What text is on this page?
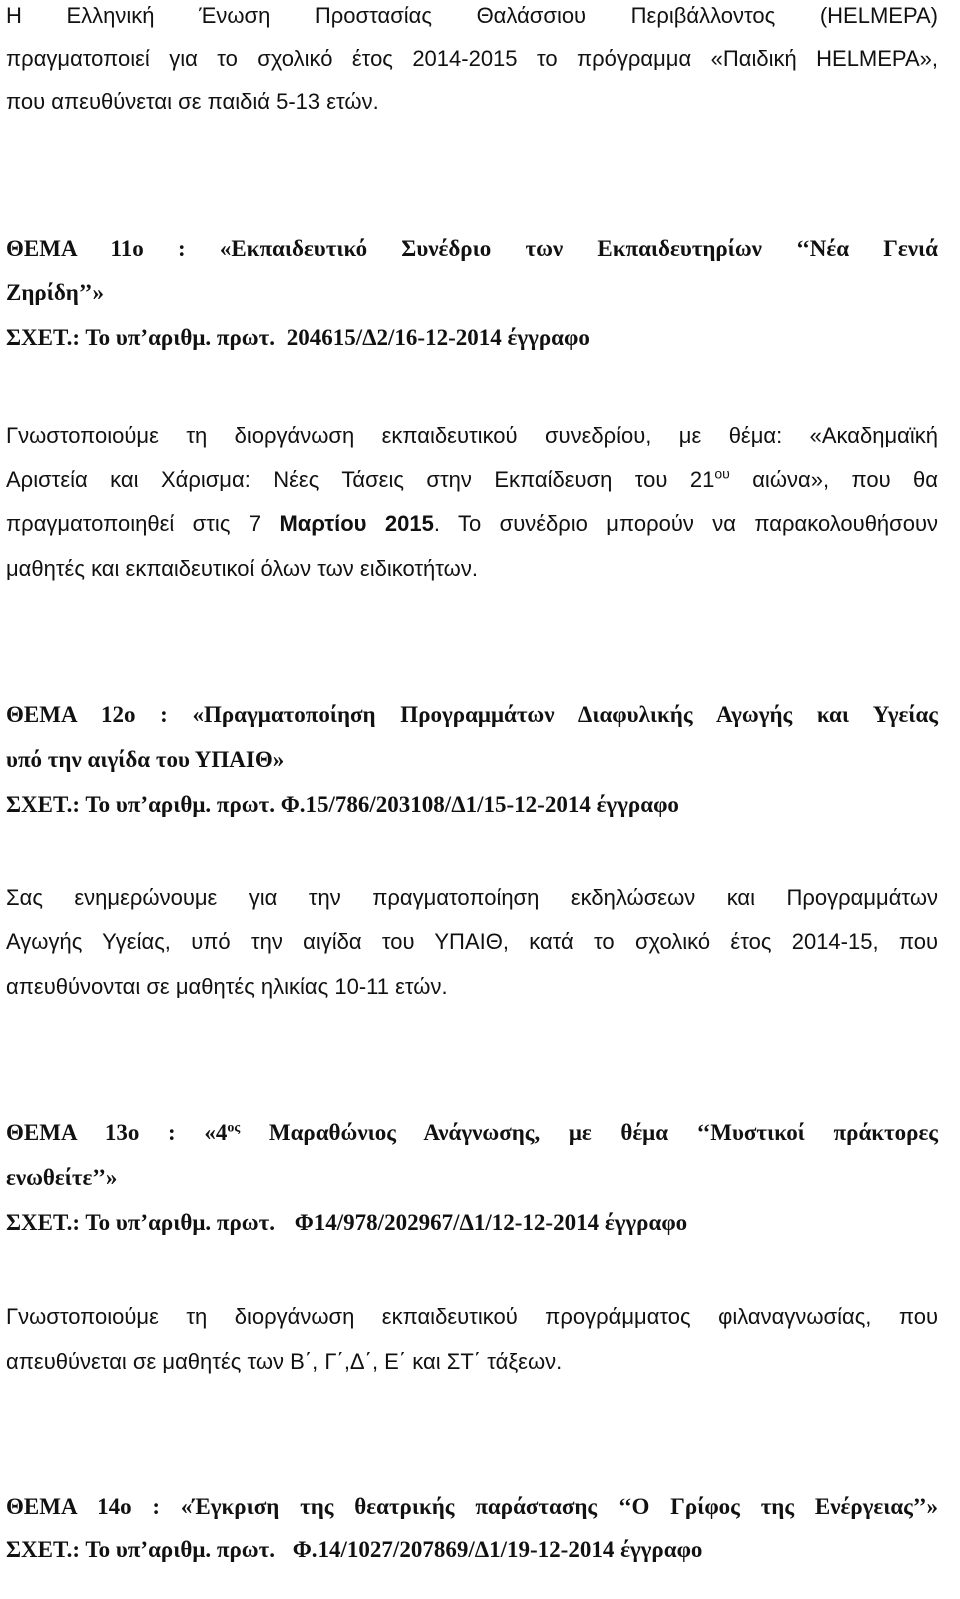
Η Ελληνική Ένωση Προστασίας Θαλάσσιου Περιβάλλοντος (HELMEPA)
πραγματοποιεί για το σχολικό έτος 2014-2015 το πρόγραμμα «Παιδική HELMEPA»,
που απευθύνεται σε παιδιά 5-13 ετών.
ΘΕΜΑ 11ο : «Εκπαιδευτικό Συνέδριο των Εκπαιδευτηρίων ‘‘Νέα Γενιά
Ζηρίδη’’»
ΣΧΕΤ.: Το υπ’αριθμ. πρωτ. 204615/Δ2/16-12-2014 έγγραφο
Γνωστοποιούμε τη διοργάνωση εκπαιδευτικού συνεδρίου, με θέμα: «Ακαδημαϊκή
Αριστεία και Χάρισμα: Νέες Τάσεις στην Εκπαίδευση του $21^{o\upsilon}$ αιώνα», που θα
πραγματοποιηθεί στις 7 Μαρτίου 2015. Το συνέδριο μπορούν να παρακολουθήσουν
μαθητές και εκπαιδευτικοί όλων των ειδικοτήτων.
ΘΕΜΑ 12ο : «Πραγματοποίηση Προγραμμάτων Διαφυλικής Αγωγής και Υγείας
υπό την αιγίδα του ΥΠΑΙΘ»
ΣΧΕΤ.: Το υπ’αριθμ. πρωτ. Φ.15/786/203108/Δ1/15-12-2014 έγγραφο
Σας ενημερώνουμε για την πραγματοποίηση εκδηλώσεων και Προγραμμάτων
Αγωγής Υγείας, υπό την αιγίδα του ΥΠΑΙΘ, κατά το σχολικό έτος 2014-15, που
απευθύνονται σε μαθητές ηλικίας 10-11 ετών.
ΘΕΜΑ 13ο : «$4^{o\varsigma}$ Μαραθώνιος Ανάγνωσης, με θέμα ‘‘Μυστικοί πράκτορες
ενωθείτε’’»
ΣΧΕΤ.: Το υπ’αριθμ. πρωτ. Φ14/978/202967/Δ1/12-12-2014 έγγραφο
Γνωστοποιούμε τη διοργάνωση εκπαιδευτικού προγράμματος φιλαναγνωσίας, που
απευθύνεται σε μαθητές των Β΄, Γ΄,Δ΄, Ε΄ και ΣΤ΄ τάξεων.
ΘΕΜΑ 14ο : «Έγκριση της θεατρικής παράστασης ‘‘Ο Γρίφος της Ενέργειας’’»
ΣΧΕΤ.: Το υπ’αριθμ. πρωτ. Φ.14/1027/207869/Δ1/19-12-2014 έγγραφο
